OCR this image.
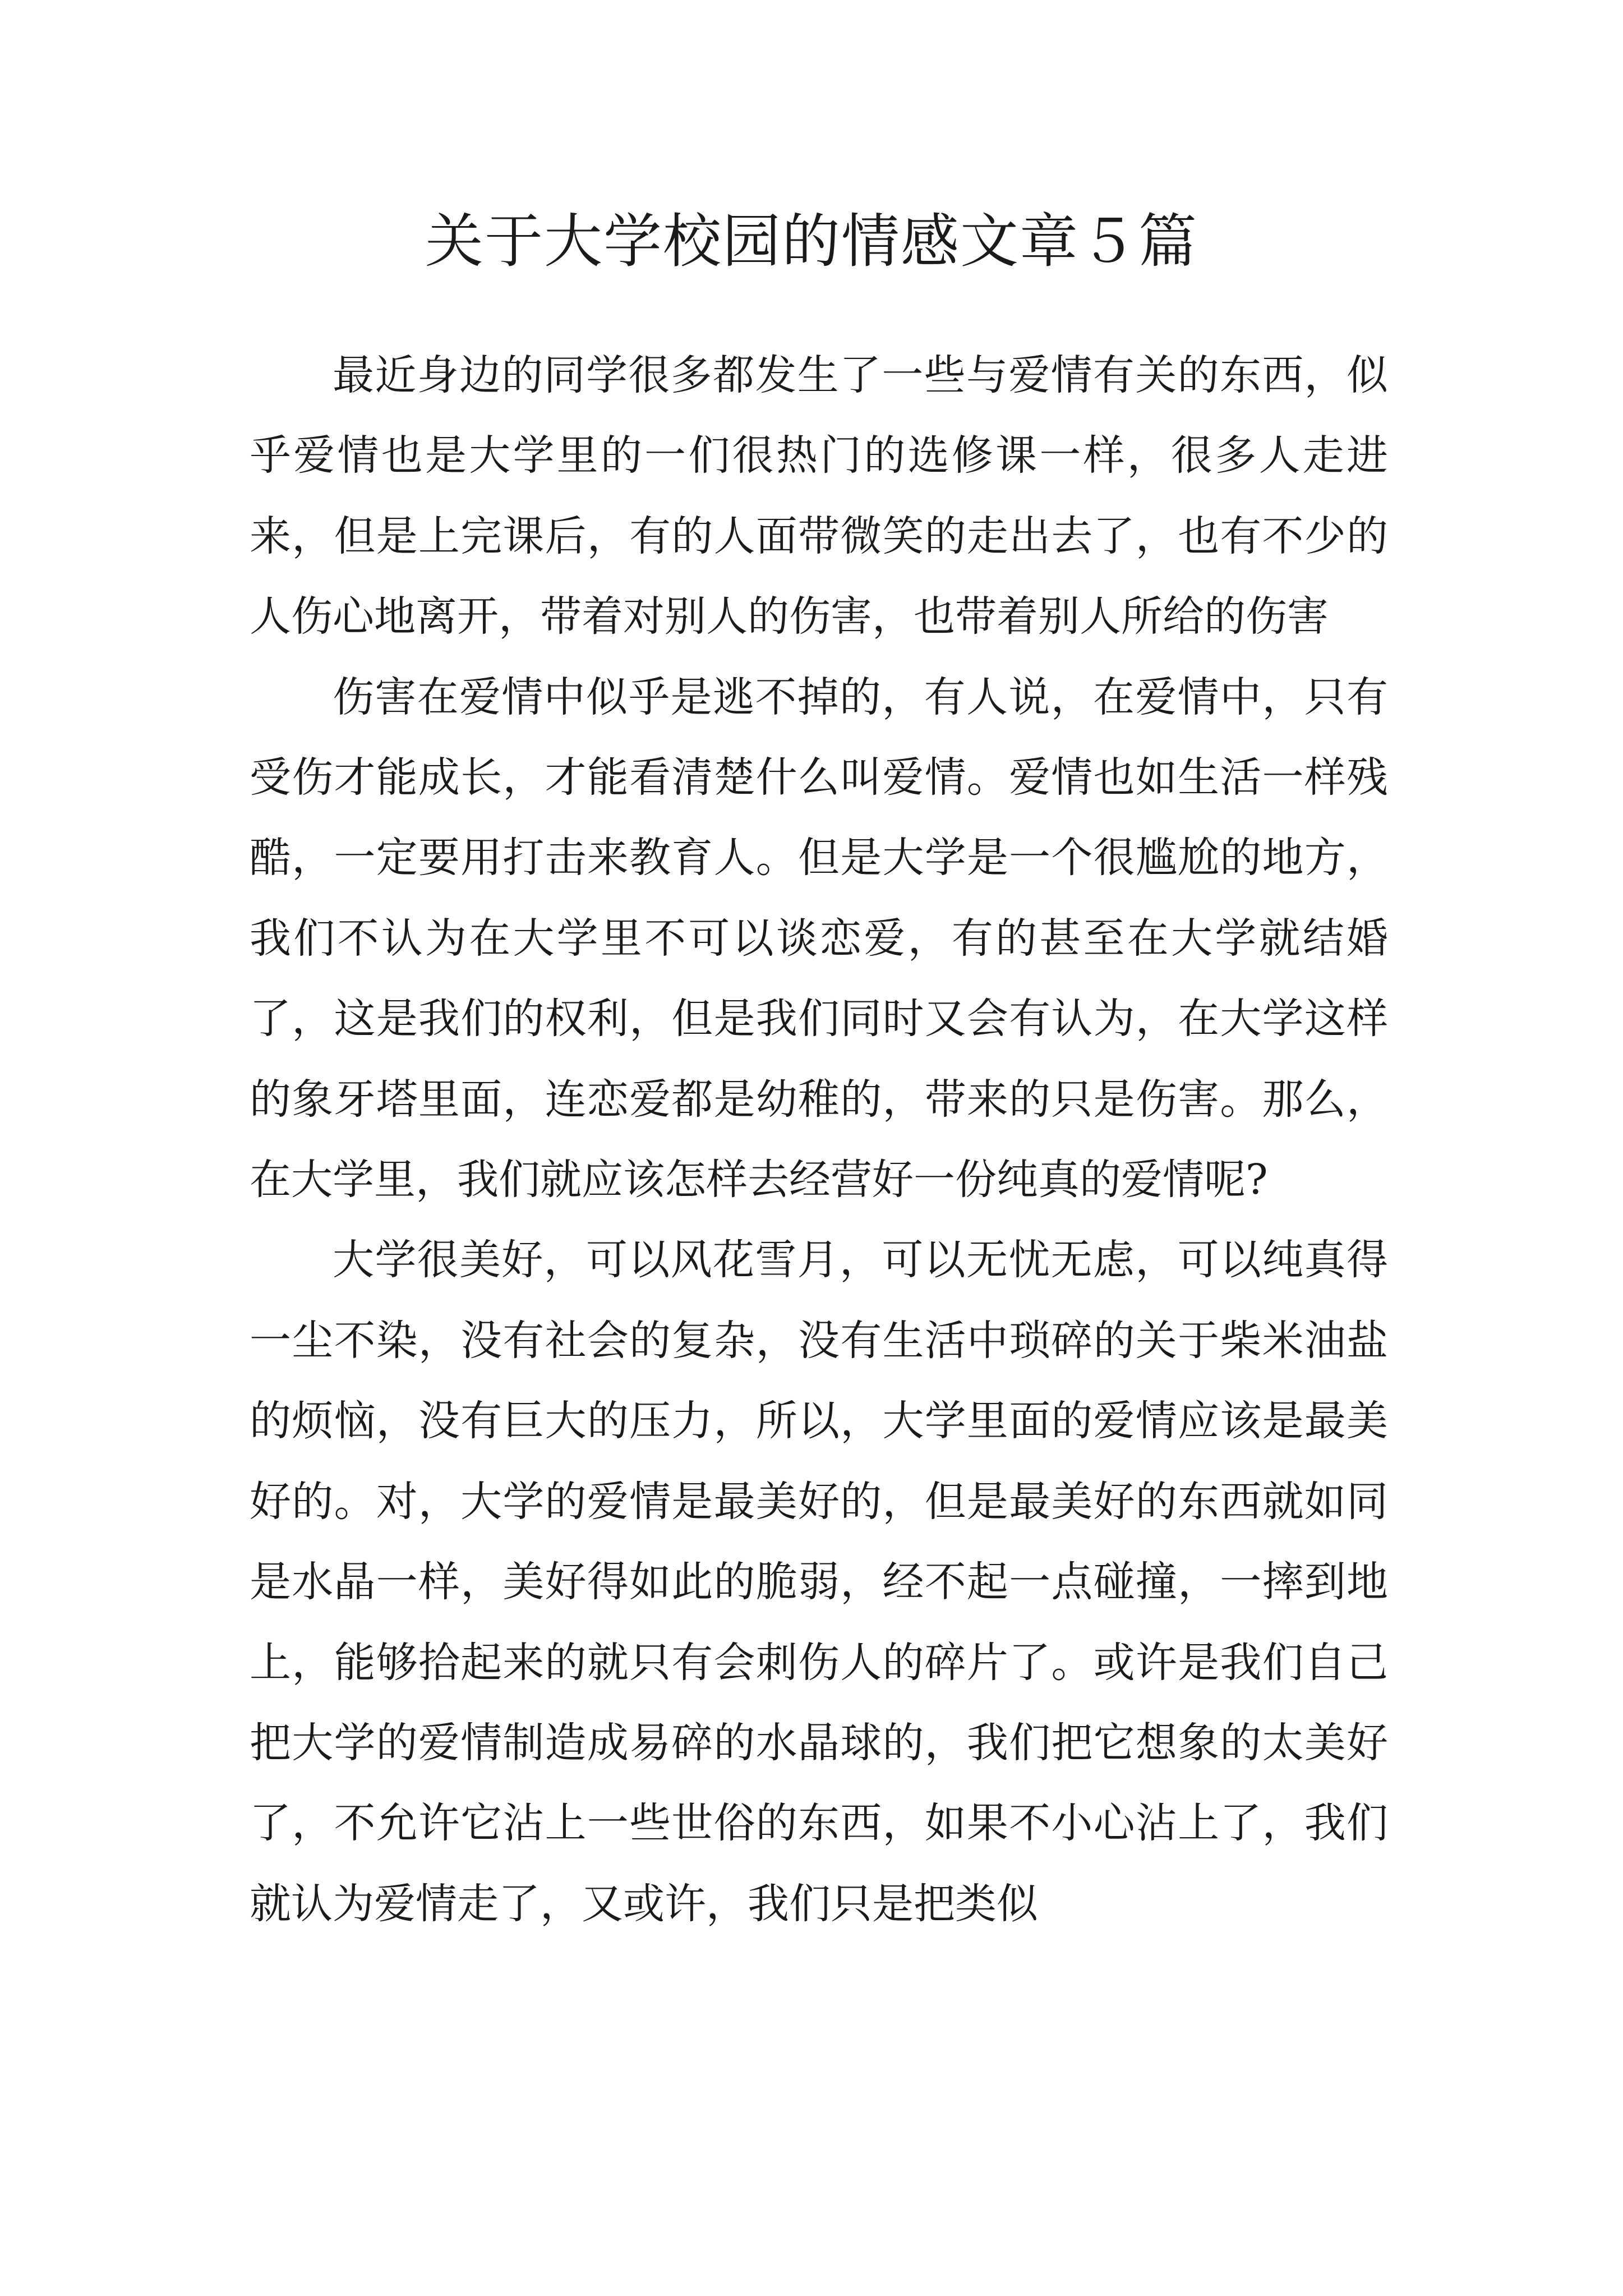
关于大学校园的情感文章５篇

最近身边的同学很多都发生了一些与爱情有关的东西，似乎爱情也是大学里的一们很热门的选修课一样，很多人走进来，但是上完课后，有的人面带微笑的走出去了，也有不少的人伤心地离开，带着对别人的伤害，也带着别人所给的伤害

伤害在爱情中似乎是逃不掉的，有人说，在爱情中，只有受伤才能成长，才能看清楚什么叫爱情。爱情也如生活一样残酷，一定要用打击来教育人。但是大学是一个很尴尬的地方，我们不认为在大学里不可以谈恋爱，有的甚至在大学就结婚了，这是我们的权利，但是我们同时又会有认为，在大学这样的象牙塔里面，连恋爱都是幼稚的，带来的只是伤害。那么，在大学里，我们就应该怎样去经营好一份纯真的爱情呢?

大学很美好，可以风花雪月，可以无忧无虑，可以纯真得一尘不染，没有社会的复杂，没有生活中琐碎的关于柴米油盐的烦恼，没有巨大的压力，所以，大学里面的爱情应该是最美好的。对，大学的爱情是最美好的，但是最美好的东西就如同是水晶一样，美好得如此的脆弱，经不起一点碰撞，一摔到地上，能够拾起来的就只有会刺伤人的碎片了。或许是我们自己把大学的爱情制造成易碎的水晶球的，我们把它想象的太美好了，不允许它沾上一些世俗的东西，如果不小心沾上了，我们就认为爱情走了，又或许，我们只是把类似
